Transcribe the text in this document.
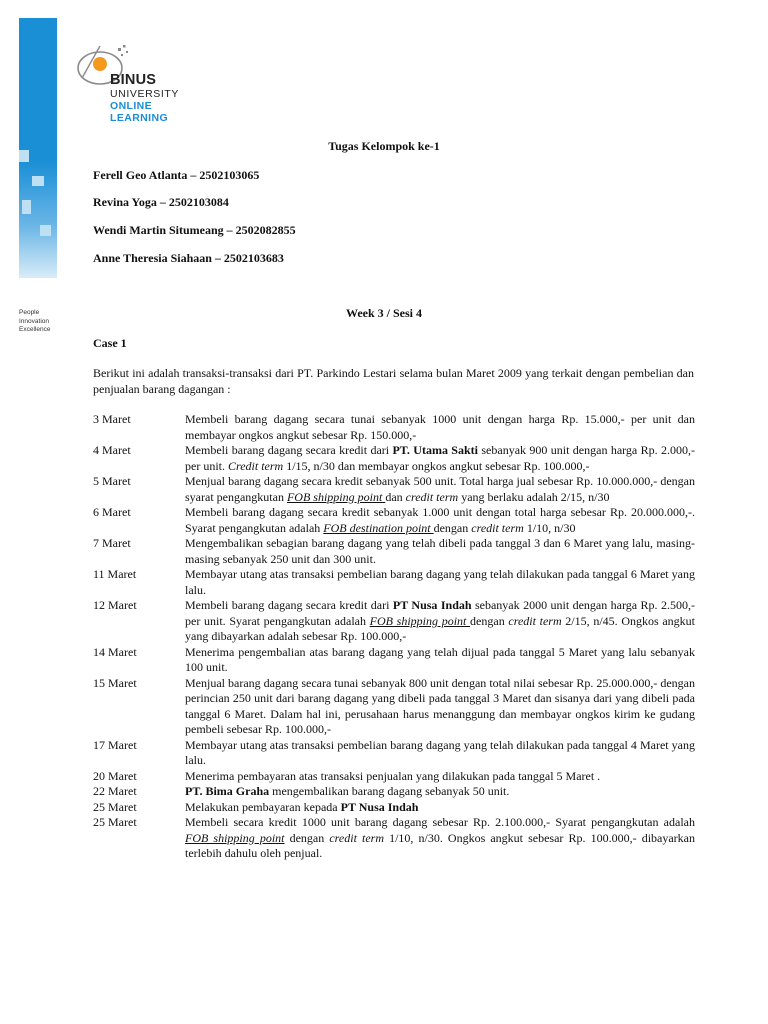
People
Innovation
Excellence
BINUS
UNIVERSITY
ONLINE
LEARNING
Tugas Kelompok ke-1
Ferell Geo Atlanta – 2502103065
Revina Yoga – 2502103084
Wendi Martin Situmeang – 2502082855
Anne Theresia Siahaan – 2502103683
Week 3 / Sesi 4
Case 1
Berikut ini adalah transaksi-transaksi dari PT. Parkindo Lestari selama bulan Maret 2009 yang terkait dengan pembelian dan penjualan barang dagangan :
3 Maret	Membeli barang dagang secara tunai sebanyak 1000 unit dengan harga Rp. 15.000,- per unit dan membayar ongkos angkut sebesar Rp. 150.000,-
4 Maret	Membeli barang dagang secara kredit dari PT. Utama Sakti sebanyak 900 unit dengan harga Rp. 2.000,- per unit. Credit term 1/15, n/30 dan membayar ongkos angkut sebesar Rp. 100.000,-
5 Maret	Menjual barang dagang secara kredit sebanyak 500 unit. Total harga jual sebesar Rp. 10.000.000,- dengan syarat pengangkutan FOB shipping point dan credit term yang berlaku adalah 2/15, n/30
6 Maret	Membeli barang dagang secara kredit sebanyak 1.000 unit dengan total harga sebesar Rp. 20.000.000,-. Syarat pengangkutan adalah FOB destination point dengan credit term 1/10, n/30
7 Maret	Mengembalikan sebagian barang dagang yang telah dibeli pada tanggal 3 dan 6 Maret yang lalu, masing-masing sebanyak 250 unit dan 300 unit.
11 Maret	Membayar utang atas transaksi pembelian barang dagang yang telah dilakukan pada tanggal 6 Maret yang lalu.
12 Maret	Membeli barang dagang secara kredit dari PT Nusa Indah sebanyak 2000 unit dengan harga Rp. 2.500,- per unit. Syarat pengangkutan adalah FOB shipping point dengan credit term 2/15, n/45. Ongkos angkut yang dibayarkan adalah sebesar Rp. 100.000,-
14 Maret	Menerima pengembalian atas barang dagang yang telah dijual pada tanggal 5 Maret yang lalu sebanyak 100 unit.
15 Maret	Menjual barang dagang secara tunai sebanyak 800 unit dengan total nilai sebesar Rp. 25.000.000,- dengan perincian 250 unit dari barang dagang yang dibeli pada tanggal 3 Maret dan sisanya dari yang dibeli pada tanggal 6 Maret. Dalam hal ini, perusahaan harus menanggung dan membayar ongkos kirim ke gudang pembeli sebesar Rp. 100.000,-
17 Maret	Membayar utang atas transaksi pembelian barang dagang yang telah dilakukan pada tanggal 4 Maret yang lalu.
20 Maret	Menerima pembayaran atas transaksi penjualan yang dilakukan pada tanggal 5 Maret .
22 Maret	PT. Bima Graha mengembalikan barang dagang sebanyak 50 unit.
25 Maret	Melakukan pembayaran kepada PT Nusa Indah
25 Maret	Membeli secara kredit 1000 unit barang dagang sebesar Rp. 2.100.000,- Syarat pengangkutan adalah FOB shipping point dengan credit term 1/10, n/30. Ongkos angkut sebesar Rp. 100.000,- dibayarkan terlebih dahulu oleh penjual.
